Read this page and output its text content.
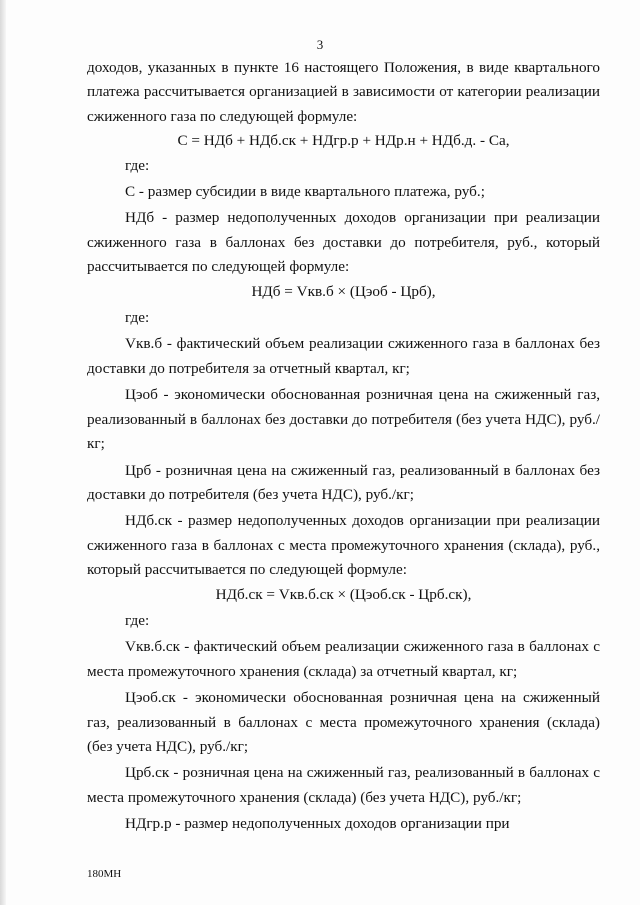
3

доходов, указанных в пункте 16 настоящего Положения, в виде квартального платежа рассчитывается организацией в зависимости от категории реализации сжиженного газа по следующей формуле:

С = НДб + НДб.ск + НДгр.р + НДр.н + НДб.д. - Са,

где:

С - размер субсидии в виде квартального платежа, руб.;

НДб - размер недополученных доходов организации при реализации сжиженного газа в баллонах без доставки до потребителя, руб., который рассчитывается по следующей формуле:

НДб = Vкв.б × (Цэоб - Црб),

где:

Vкв.б - фактический объем реализации сжиженного газа в баллонах без доставки до потребителя за отчетный квартал, кг;

Цэоб - экономически обоснованная розничная цена на сжиженный газ, реализованный в баллонах без доставки до потребителя (без учета НДС), руб./кг;

Црб - розничная цена на сжиженный газ, реализованный в баллонах без доставки до потребителя (без учета НДС), руб./кг;

НДб.ск - размер недополученных доходов организации при реализации сжиженного газа в баллонах с места промежуточного хранения (склада), руб., который рассчитывается по следующей формуле:

НДб.ск = Vкв.б.ск × (Цэоб.ск - Црб.ск),

где:

Vкв.б.ск - фактический объем реализации сжиженного газа в баллонах с места промежуточного хранения (склада) за отчетный квартал, кг;

Цэоб.ск - экономически обоснованная розничная цена на сжиженный газ, реализованный в баллонах с места промежуточного хранения (склада) (без учета НДС), руб./кг;

Црб.ск - розничная цена на сжиженный газ, реализованный в баллонах с места промежуточного хранения (склада) (без учета НДС), руб./кг;

НДгр.р - размер недополученных доходов организации при

180МН
